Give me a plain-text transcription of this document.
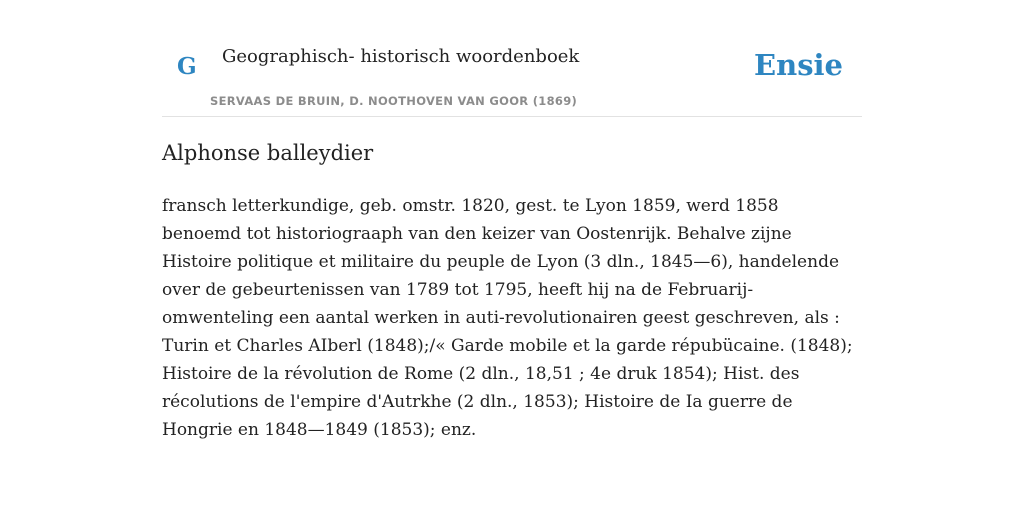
G Geographisch- historisch woordenboek
SERVAAS DE BRUIN, D. NOOTHOVEN VAN GOOR (1869)
Ensie
Alphonse balleydier

fransch letterkundige, geb. omstr. 1820, gest. te Lyon 1859, werd 1858 benoemd tot historiograaph van den keizer van Oostenrijk. Behalve zijne Histoire politique et militaire du peuple de Lyon (3 dln., 1845—6), handelende over de gebeurtenissen van 1789 tot 1795, heeft hij na de Februarij-omwenteling een aantal werken in auti-revolutionairen geest geschreven, als : Turin et Charles AIberl (1848);/« Garde mobile et la garde répubücaine. (1848); Histoire de la révolution de Rome (2 dln., 18,51 ; 4e druk 1854); Hist. des récolutions de l'empire d'Autrkhe (2 dln., 1853); Histoire de Ia guerre de Hongrie en 1848—1849 (1853); enz.
